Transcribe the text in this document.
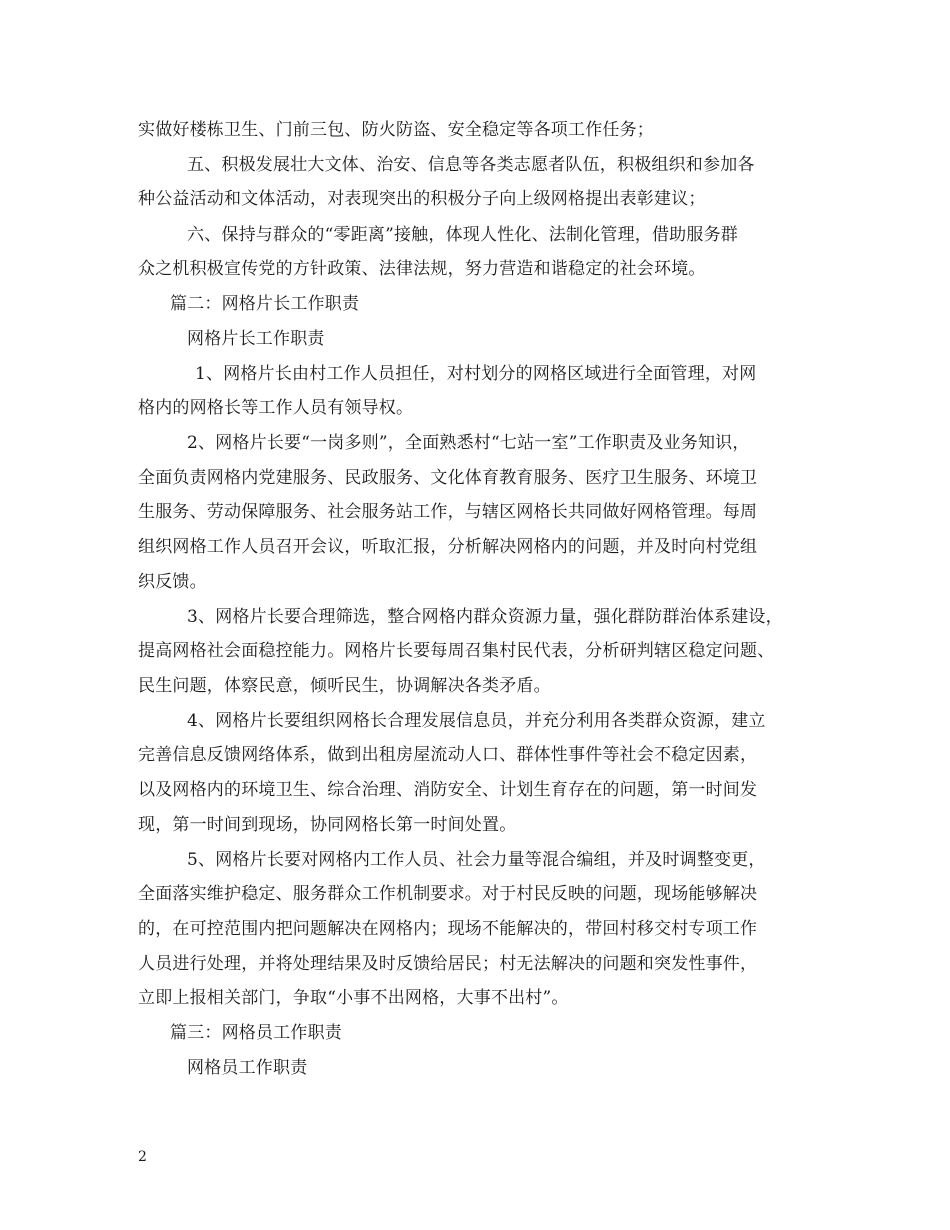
实做好楼栋卫生、门前三包、防火防盗、安全稳定等各项工作任务；
五、积极发展壮大文体、治安、信息等各类志愿者队伍，积极组织和参加各
种公益活动和文体活动，对表现突出的积极分子向上级网格提出表彰建议；
六、保持与群众的“零距离”接触，体现人性化、法制化管理，借助服务群
众之机积极宣传党的方针政策、法律法规，努力营造和谐稳定的社会环境。
篇二：网格片长工作职责
网格片长工作职责
1、网格片长由村工作人员担任，对村划分的网格区域进行全面管理，对网
格内的网格长等工作人员有领导权。
2、网格片长要“一岗多则”，全面熟悉村“七站一室”工作职责及业务知识，
全面负责网格内党建服务、民政服务、文化体育教育服务、医疗卫生服务、环境卫
生服务、劳动保障服务、社会服务站工作，与辖区网格长共同做好网格管理。每周
组织网格工作人员召开会议，听取汇报，分析解决网格内的问题，并及时向村党组
织反馈。
3、网格片长要合理筛选，整合网格内群众资源力量，强化群防群治体系建设，
提高网格社会面稳控能力。网格片长要每周召集村民代表，分析研判辖区稳定问题、
民生问题，体察民意，倾听民生，协调解决各类矛盾。
4、网格片长要组织网格长合理发展信息员，并充分利用各类群众资源，建立
完善信息反馈网络体系，做到出租房屋流动人口、群体性事件等社会不稳定因素，
以及网格内的环境卫生、综合治理、消防安全、计划生育存在的问题，第一时间发
现，第一时间到现场，协同网格长第一时间处置。
5、网格片长要对网格内工作人员、社会力量等混合编组，并及时调整变更，
全面落实维护稳定、服务群众工作机制要求。对于村民反映的问题，现场能够解决
的，在可控范围内把问题解决在网格内；现场不能解决的，带回村移交村专项工作
人员进行处理，并将处理结果及时反馈给居民；村无法解决的问题和突发性事件，
立即上报相关部门，争取“小事不出网格，大事不出村”。
篇三：网格员工作职责
网格员工作职责
2
